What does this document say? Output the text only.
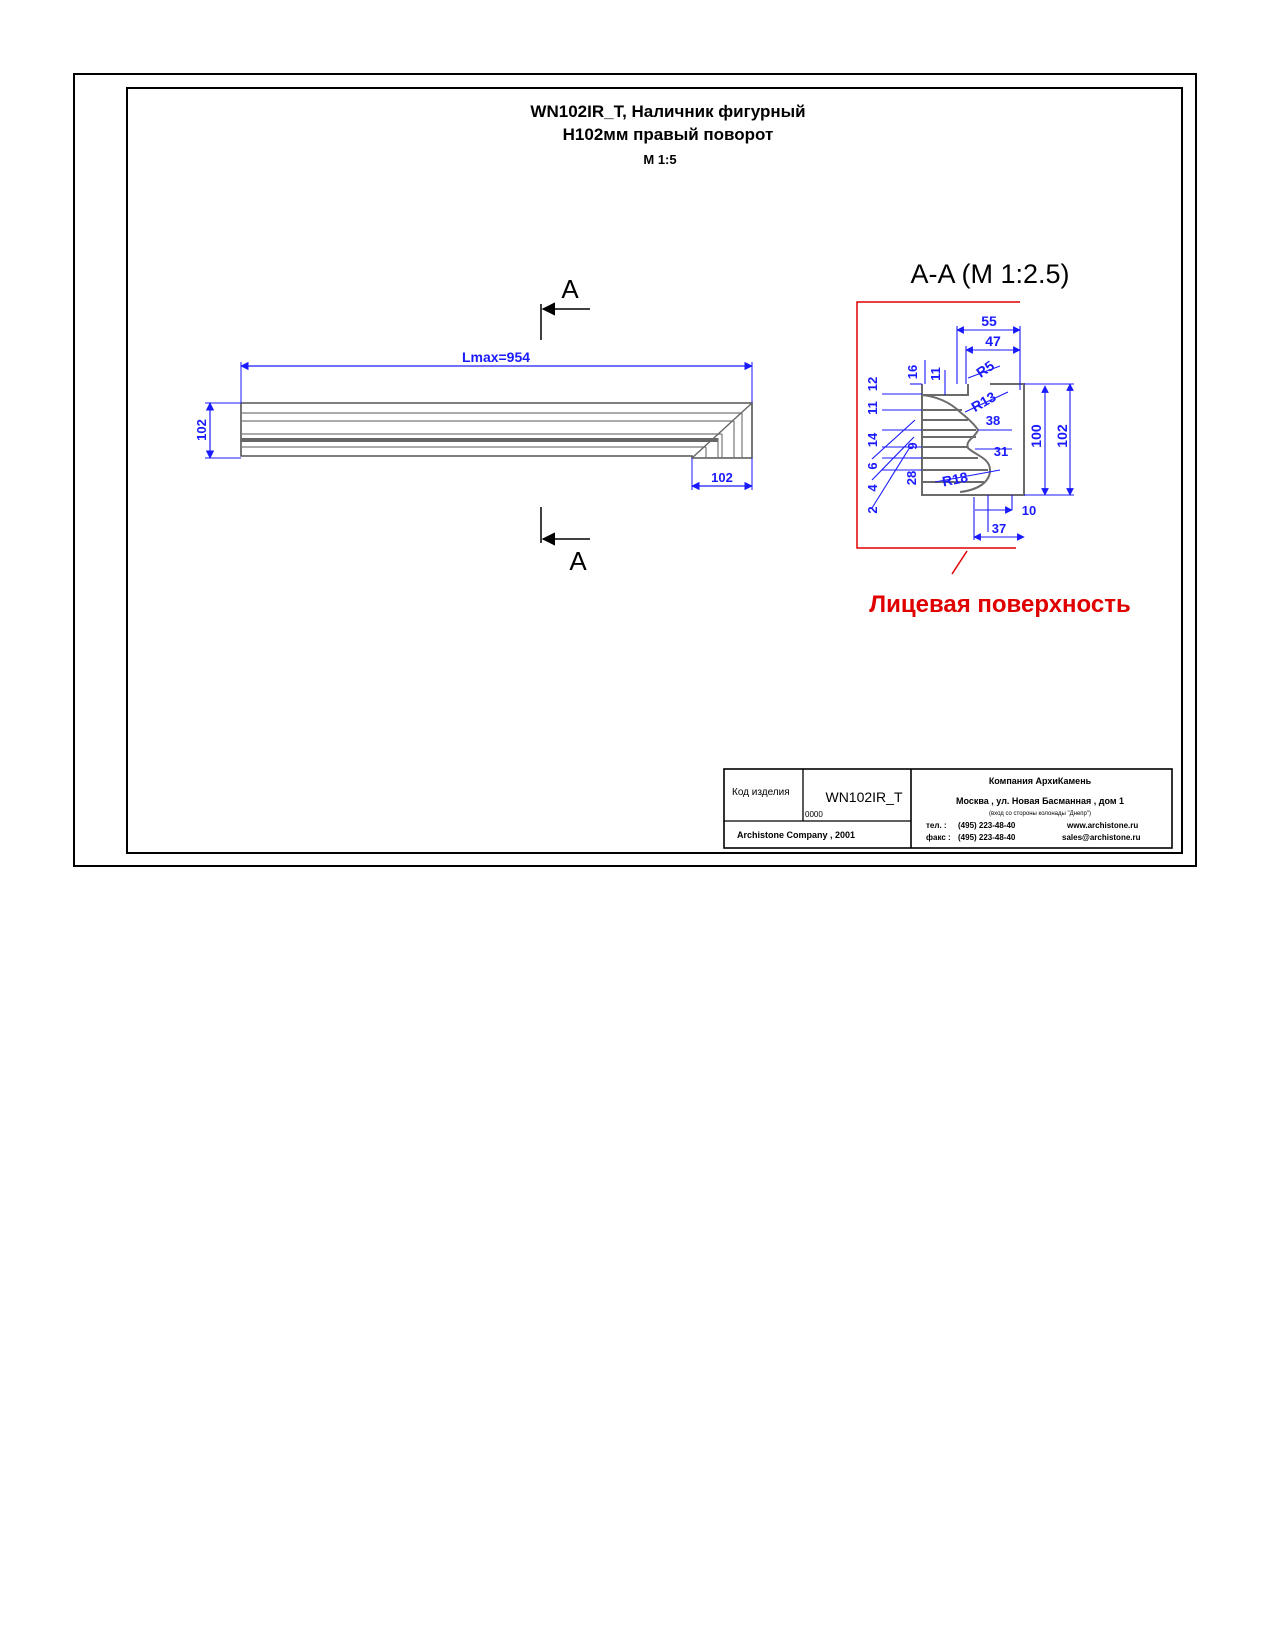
WN102IR_T, Наличник фигурный
H102мм правый поворот
M 1:5
Lmax=954
102
102
A
A
A-A (M 1:2.5)
Лицевая поверхность
55
47
16 11 R5
12
11	R13
38
14 9	100 102
6
31
28 R18
4
2	10
37
Код изделия	WN102IR_T
0000
Archistone Company , 2001
Компания АрхиКамень
Москва , ул. Новая Басманная , дом 1
(вход со стороны колонады "Днепр")
тел. : (495) 223-48-40
факс : (495) 223-48-40
www.archistone.ru
sales@archistone.ru
